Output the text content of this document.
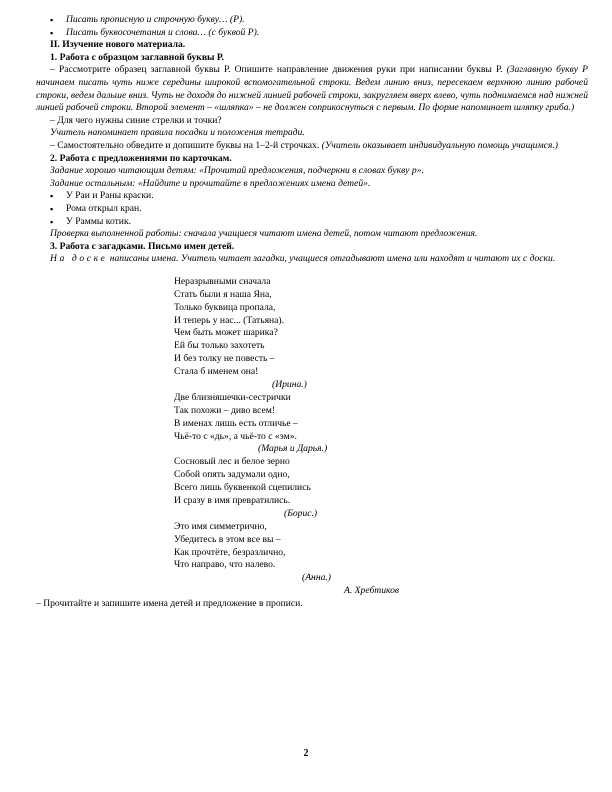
▪ Писать прописную и строчную букву… (Р).

▪ Писать буквосочетания и слова… (с буквой Р).

II. Изучение нового материала.

1. Работа с образцом заглавной буквы Р.

– Рассмотрите образец заглавной буквы Р. Опишите направление движения руки при написании буквы Р. (Заглавную букву Р начинаем писать чуть ниже середины широкой вспомогательной строки. Ведем линию вниз, пересекаем верхнюю линию рабочей строки, ведем дальше вниз. Чуть не доходя до нижней линией рабочей строки, закругляем вверх влево, чуть поднимаемся над нижней линией рабочей строки. Второй элемент – «шляпка» – не должен соприкоснуться с первым. По форме напоминает шляпку гриба.)

– Для чего нужны синие стрелки и точки?

Учитель напоминает правила посадки и положения тетради.

– Самостоятельно обведите и допишите буквы на 1–2-й строчках. (Учитель оказывает индивидуальную помощь учащимся.)

2. Работа с предложениями по карточкам.

Задание хорошо читающим детям: «Прочитай предложения, подчеркни в словах букву р».

Задание остальным: «Найдите и прочитайте в предложениях имена детей».

▪ У Раи и Раны краски.

▪ Рома открыл кран.

▪ У Раммы котик.

Проверка выполненной работы: сначала учащиеся читают имена детей, потом читают предложения.

3. Работа с загадками. Письмо имен детей.

На доске написаны имена. Учитель читает загадки, учащиеся отгадывают имена или находят и читают их с доски.

Неразрывными сначала

Стать были я наша Яна,

Только буквица пропала,

И теперь у нас... (Татьяна).

Чем быть может шарика?

Ей бы только захотеть

И без толку не повесть –

Стала б именем она!

(Ирина.)

Две близняшечки-сестрички

Так похожи – диво всем!

В именах лишь есть отличье –

Чьё-то с «дь», а чьё-то с «эм».

(Марья и Дарья.)

Сосновый лес и белое зерно

Собой опять задумали одно,

Всего лишь буквенкой сцепились

И сразу в имя превратились.

(Борис.)

Это имя симметрично,

Убедитесь в этом все вы –

Как прочтёте, безразлично,

Что направо, что налево.

(Анна.)

А. Хребтиков

– Прочитайте и запишите имена детей и предложение в прописи.

2
